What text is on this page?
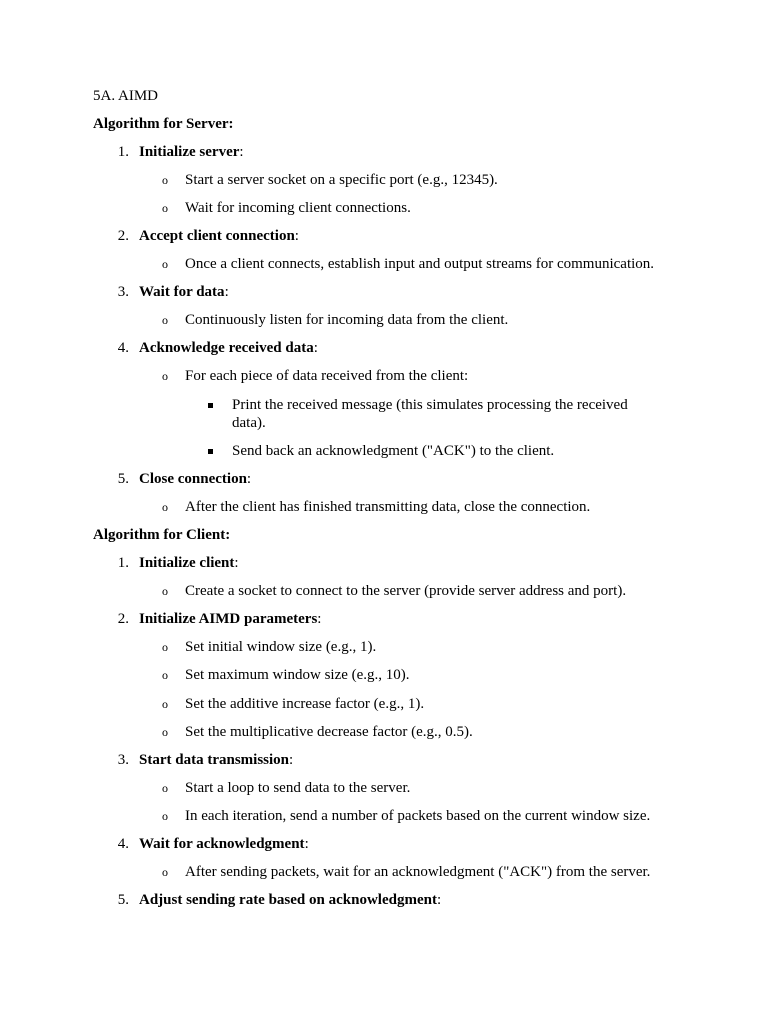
5A. AIMD
Algorithm for Server:
1. Initialize server:
o Start a server socket on a specific port (e.g., 12345).
o Wait for incoming client connections.
2. Accept client connection:
o Once a client connects, establish input and output streams for communication.
3. Wait for data:
o Continuously listen for incoming data from the client.
4. Acknowledge received data:
o For each piece of data received from the client:
Print the received message (this simulates processing the received data).
Send back an acknowledgment ("ACK") to the client.
5. Close connection:
o After the client has finished transmitting data, close the connection.
Algorithm for Client:
1. Initialize client:
o Create a socket to connect to the server (provide server address and port).
2. Initialize AIMD parameters:
o Set initial window size (e.g., 1).
o Set maximum window size (e.g., 10).
o Set the additive increase factor (e.g., 1).
o Set the multiplicative decrease factor (e.g., 0.5).
3. Start data transmission:
o Start a loop to send data to the server.
o In each iteration, send a number of packets based on the current window size.
4. Wait for acknowledgment:
o After sending packets, wait for an acknowledgment ("ACK") from the server.
5. Adjust sending rate based on acknowledgment:
